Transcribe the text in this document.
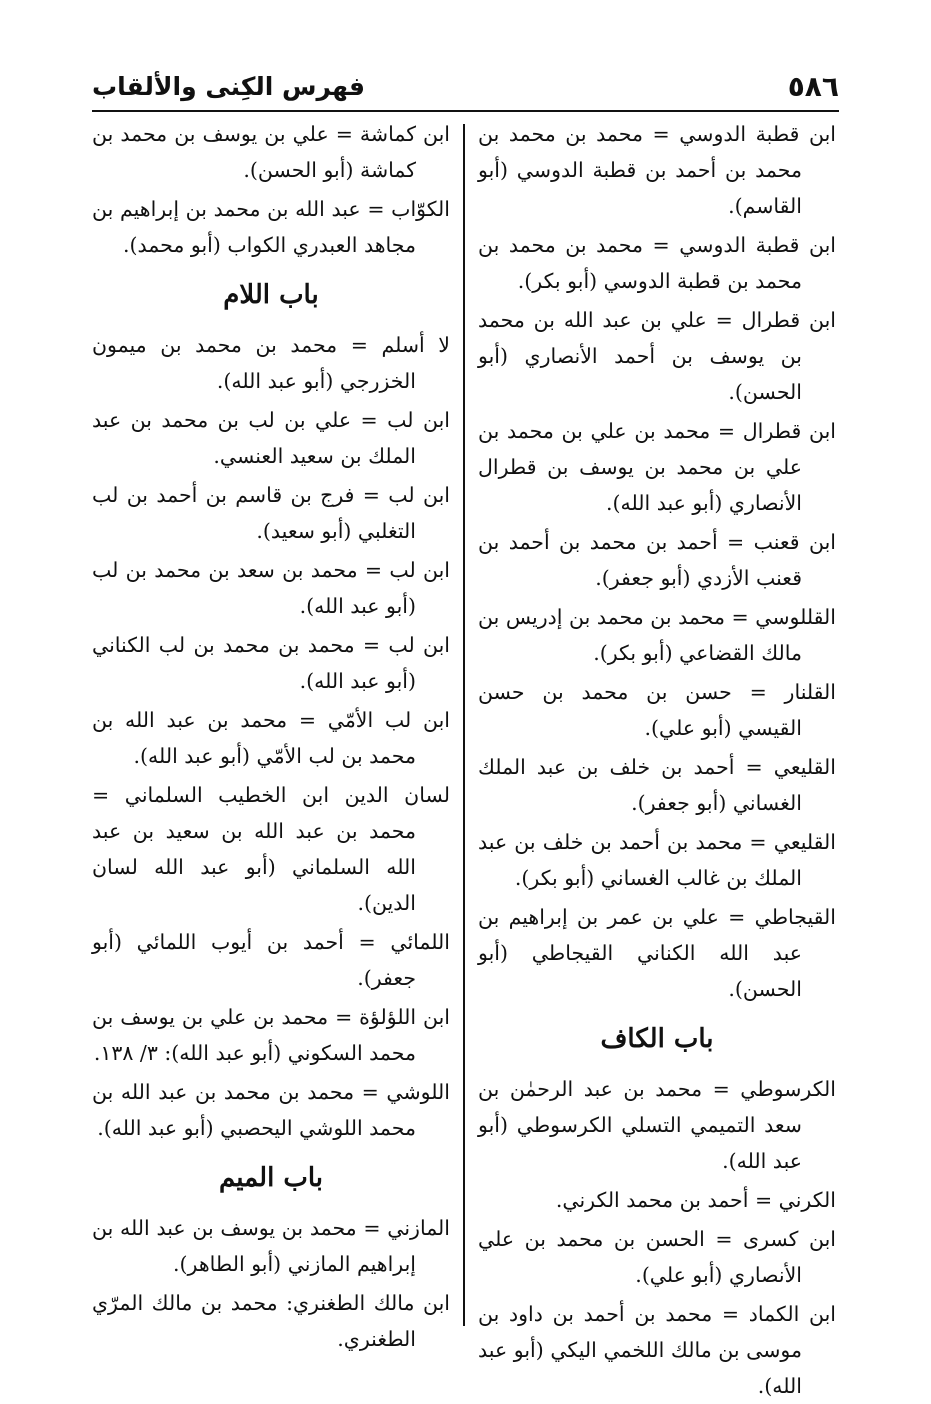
٥٨٦
فهرس الكِنى والألقاب

ابن قطبة الدوسي = محمد بن محمد بن محمد بن أحمد بن قطبة الدوسي (أبو القاسم).

ابن قطبة الدوسي = محمد بن محمد بن محمد بن قطبة الدوسي (أبو بكر).

ابن قطرال = علي بن عبد الله بن محمد بن يوسف بن أحمد الأنصاري (أبو الحسن).

ابن قطرال = محمد بن علي بن محمد بن علي بن محمد بن يوسف بن قطرال الأنصاري (أبو عبد الله).

ابن قعنب = أحمد بن محمد بن أحمد بن قعنب الأزدي (أبو جعفر).

القللوسي = محمد بن محمد بن إدريس بن مالك القضاعي (أبو بكر).

القلنار = حسن بن محمد بن حسن القيسي (أبو علي).

القليعي = أحمد بن خلف بن عبد الملك الغساني (أبو جعفر).

القليعي = محمد بن أحمد بن خلف بن عبد الملك بن غالب الغساني (أبو بكر).

القيجاطي = علي بن عمر بن إبراهيم بن عبد الله الكناني القيجاطي (أبو الحسن).

باب الكاف

الكرسوطي = محمد بن عبد الرحمٰن بن سعد التميمي التسلي الكرسوطي (أبو عبد الله).

الكرني = أحمد بن محمد الكرني.

ابن كسرى = الحسن بن محمد بن علي الأنصاري (أبو علي).

ابن الكماد = محمد بن أحمد بن داود بن موسى بن مالك اللخمي اليكي (أبو عبد الله).

ابن كماشة = علي بن يوسف بن محمد بن كماشة (أبو الحسن).

الكوّاب = عبد الله بن محمد بن إبراهيم بن مجاهد العبدري الكواب (أبو محمد).

باب اللام

لا أسلم = محمد بن محمد بن ميمون الخزرجي (أبو عبد الله).

ابن لب = علي بن لب بن محمد بن عبد الملك بن سعيد العنسي.

ابن لب = فرج بن قاسم بن أحمد بن لب التغلبي (أبو سعيد).

ابن لب = محمد بن سعد بن محمد بن لب (أبو عبد الله).

ابن لب = محمد بن محمد بن لب الكناني (أبو عبد الله).

ابن لب الأمّي = محمد بن عبد الله بن محمد بن لب الأمّي (أبو عبد الله).

لسان الدين ابن الخطيب السلماني = محمد بن عبد الله بن سعيد بن عبد الله السلماني (أبو عبد الله لسان الدين).

اللمائي = أحمد بن أيوب اللمائي (أبو جعفر).

ابن اللؤلؤة = محمد بن علي بن يوسف بن محمد السكوني (أبو عبد الله): ٣/ ١٣٨.

اللوشي = محمد بن محمد بن عبد الله بن محمد اللوشي اليحصبي (أبو عبد الله).

باب الميم

المازني = محمد بن يوسف بن عبد الله بن إبراهيم المازني (أبو الطاهر).

ابن مالك الطغنري: محمد بن مالك المرّي الطغنري.
